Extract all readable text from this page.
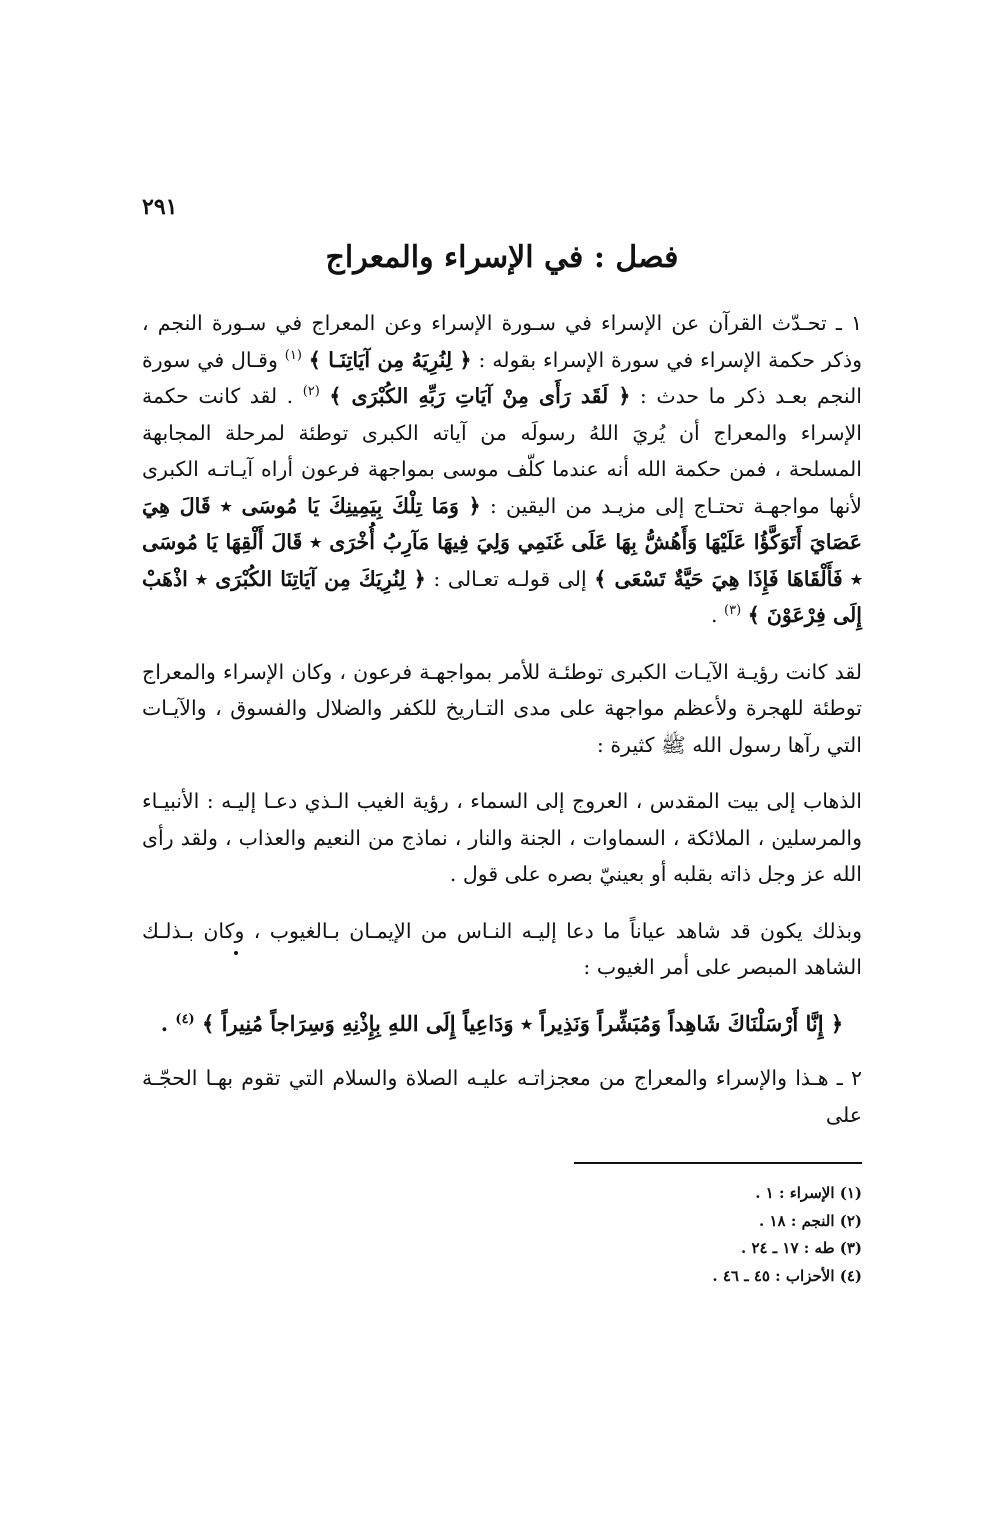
٢٩١
فصل : في الإسراء والمعراج

١ ـ تحـدّث القرآن عن الإسراء في سـورة الإسراء وعن المعراج في سـورة النجم ، وذكر حكمة الإسراء في سورة الإسراء بقوله : ﴿ لِنُرِيَهُ مِن آيَاتِنَـا ﴾ $^{(١)}$ وقـال في سورة النجم بعـد ذكر ما حدث : ﴿ لَقَد رَأَى مِنْ آيَاتِ رَبِّهِ الكُبْرَى ﴾ $^{(٢)}$ . لقد كانت حكمة الإسراء والمعراج أن يُريَ اللهُ رسولَه من آياته الكبرى توطئة لمرحلة المجابهة المسلحة ، فمن حكمة الله أنه عندما كلّف موسى بمواجهة فرعون أراه آيـاتـه الكبرى لأنها مواجهـة تحتـاج إلى مزيـد من اليقين : ﴿ وَمَا تِلْكَ بِيَمِينِكَ يَا مُوسَى ٭ قَالَ هِيَ عَصَايَ أَتَوَكَّؤُا عَلَيْهَا وَأَهُشُّ بِهَا عَلَى غَنَمِي وَلِيَ فِيهَا مَآرِبُ أُخْرَى ٭ قَالَ أَلْقِهَا يَا مُوسَى ٭ فَأَلْقَاهَا فَإِذَا هِيَ حَيَّةٌ تَسْعَى ﴾ إلى قولـه تعـالى : ﴿ لِنُرِيَكَ مِن آيَاتِنَا الكُبْرَى ٭ اذْهَبْ إِلَى فِرْعَوْنَ ﴾ $^{(٣)}$ .

لقد كانت رؤيـة الآيـات الكبرى توطئـة للأمر بمواجهـة فرعون ، وكان الإسراء والمعراج توطئة للهجرة ولأعظم مواجهة على مدى التـاريخ للكفر والضلال والفسوق ، والآيـات التي رآها رسول الله ﷺ كثيرة :

الذهاب إلى بيت المقدس ، العروج إلى السماء ، رؤية الغيب الـذي دعـا إليـه : الأنبيـاء والمرسلين ، الملائكة ، السماوات ، الجنة والنار ، نماذج من النعيم والعذاب ، ولقد رأى الله عز وجل ذاته بقلبه أو بعينيّ بصره على قول .

وبذلك يكون قد شاهد عياناً ما دعا إليـه النـاس من الإيمـان بـالغيوب ، وكان بـذلـك الشاهد المبصر على أمر الغيوب :

﴿ إِنَّا أَرْسَلْنَاكَ شَاهِداً وَمُبَشِّراً وَنَذِيراً ٭ وَدَاعِياً إِلَى اللهِ بِإِذْنِهِ وَسِرَاجاً مُنِيراً ﴾ $^{(٤)}$ .

٢ ـ هـذا والإسراء والمعراج من معجزاتـه عليـه الصلاة والسلام التي تقوم بهـا الحجّـة على

(١) الإسراء : ١ .
(٢) النجم : ١٨ .
(٣) طه : ١٧ ـ ٢٤ .
(٤) الأحزاب : ٤٥ ـ ٤٦ .
